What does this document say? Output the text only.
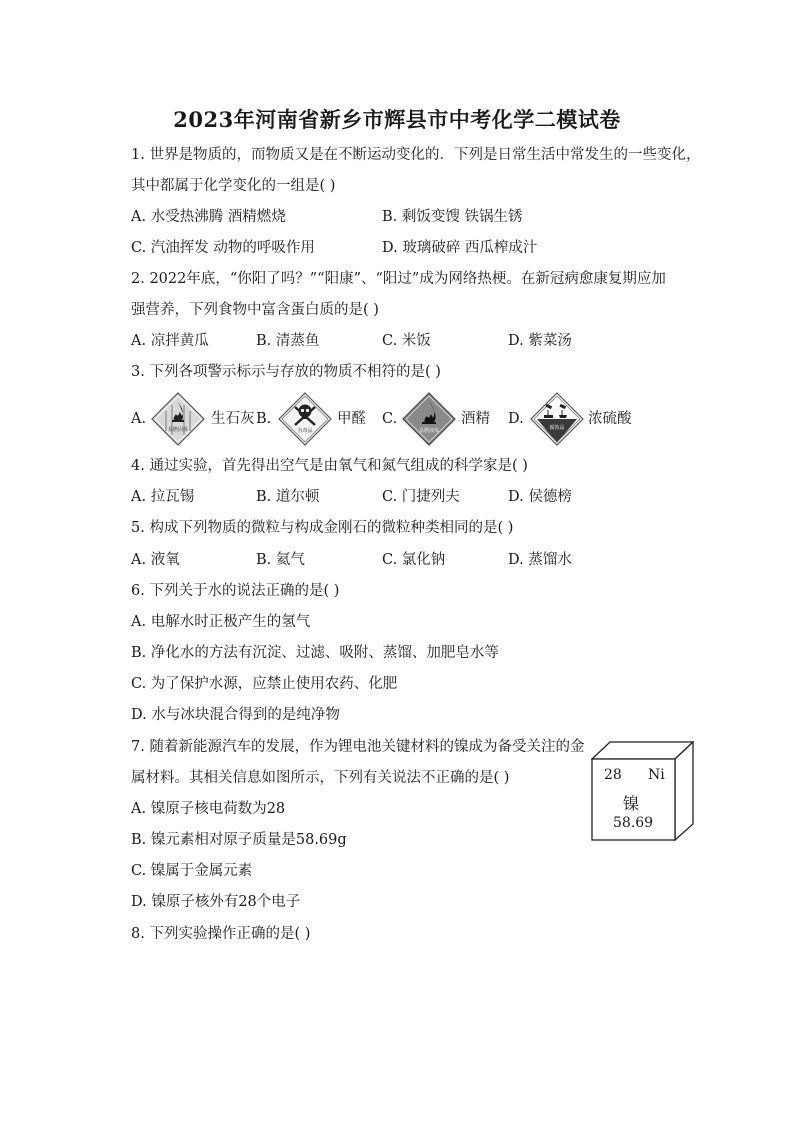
2023年河南省新乡市辉县市中考化学二模试卷
1. 世界是物质的，而物质又是在不断运动变化的．下列是日常生活中常发生的一些变化，
其中都属于化学变化的一组是( )
A. 水受热沸腾 酒精燃烧	B. 剩饭变馊 铁锅生锈
C. 汽油挥发 动物的呼吸作用	D. 玻璃破碎 西瓜榨成汁
2. 2022年底，“你阳了吗？”“阳康”、“阳过”成为网络热梗。在新冠病愈康复期应加
强营养，下列食物中富含蛋白质的是( )
A. 凉拌黄瓜	B. 清蒸鱼	C. 米饭	D. 紫菜汤
3. 下列各项警示标示与存放的物质不相符的是( )
A.
易燃固体
生石灰 B.
有毒品
甲醛 C.
易燃液体
酒精 D.
腐蚀品
浓硫酸
4. 通过实验，首先得出空气是由氧气和氮气组成的科学家是( )
A. 拉瓦锡	B. 道尔顿	C. 门捷列夫	D. 侯德榜
5. 构成下列物质的微粒与构成金刚石的微粒种类相同的是( )
A. 液氧	B. 氦气	C. 氯化钠	D. 蒸馏水
6. 下列关于水的说法正确的是( )
A. 电解水时正极产生的氢气
B. 净化水的方法有沉淀、过滤、吸附、蒸馏、加肥皂水等
C. 为了保护水源，应禁止使用农药、化肥
D. 水与冰块混合得到的是纯净物
7. 随着新能源汽车的发展，作为锂电池关键材料的镍成为备受关注的金
属材料。其相关信息如图所示，下列有关说法不正确的是( )
A. 镍原子核电荷数为28
B. 镍元素相对原子质量是58.69g
C. 镍属于金属元素
D. 镍原子核外有28个电子
28 Ni
镍
58.69
8. 下列实验操作正确的是( )
